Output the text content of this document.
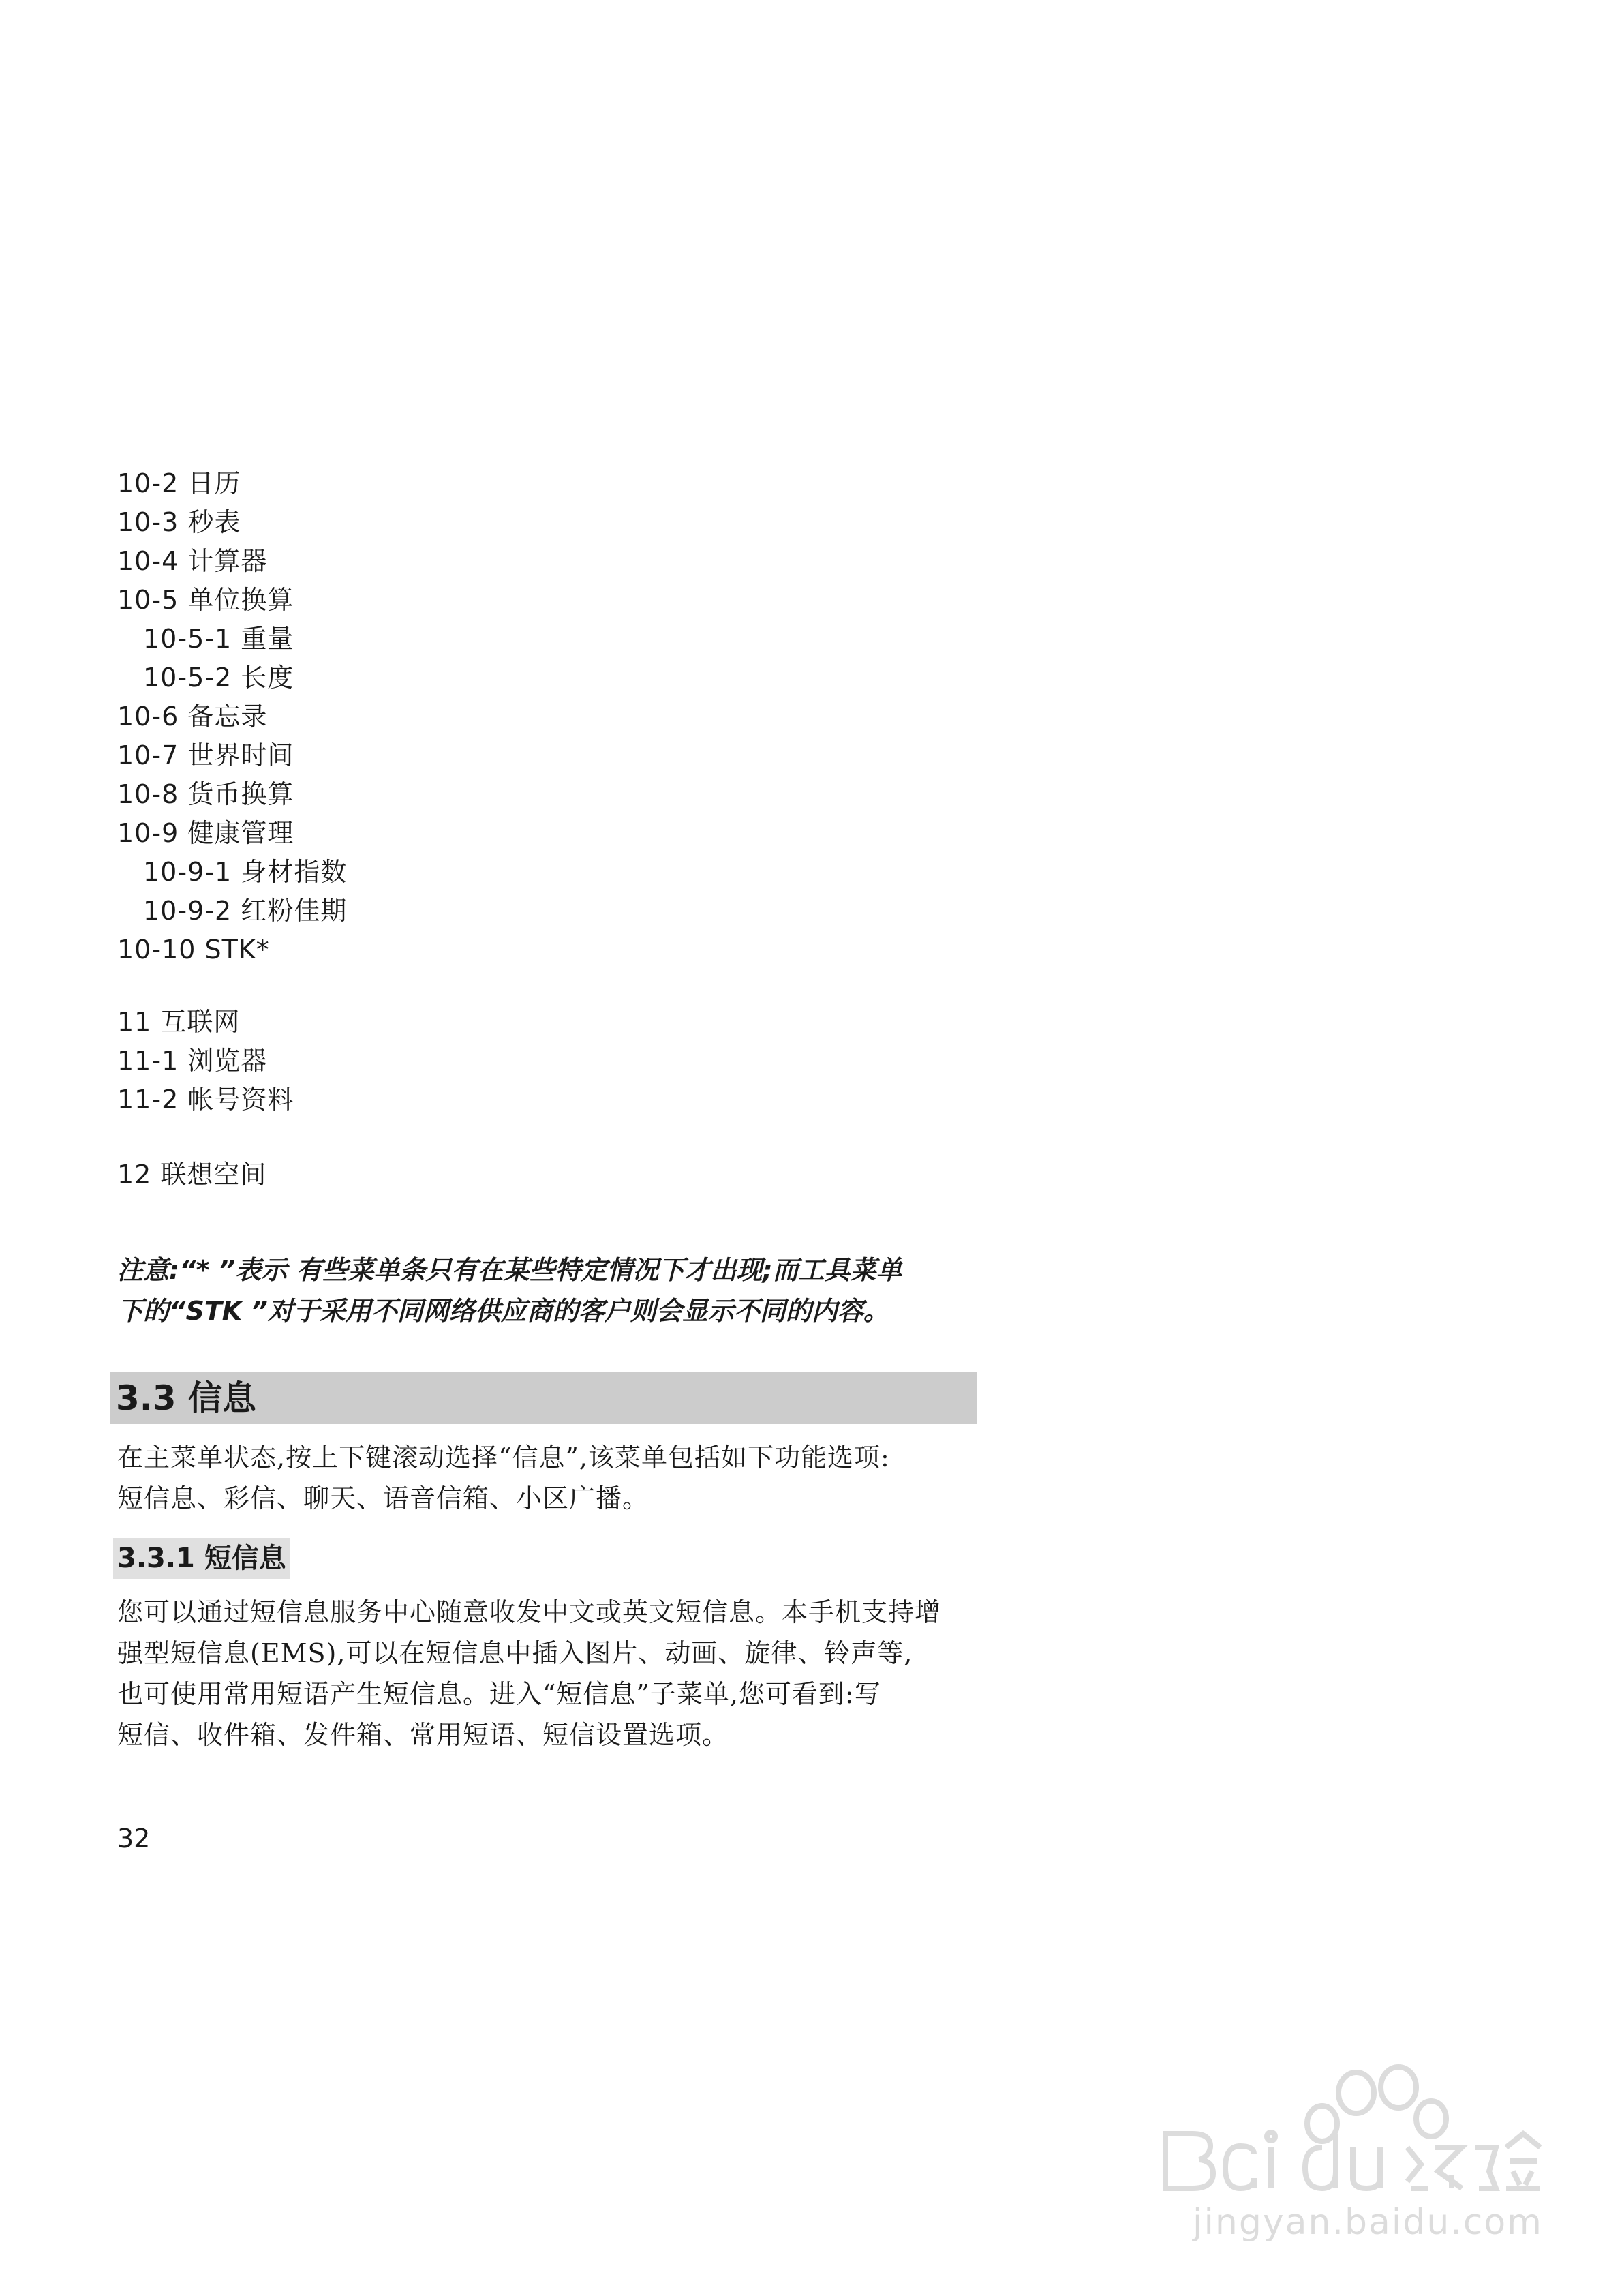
10-2 日历
10-3 秒表
10-4 计算器
10-5 单位换算
10-5-1 重量
10-5-2 长度
10-6 备忘录
10-7 世界时间
10-8 货币换算
10-9 健康管理
10-9-1 身材指数
10-9-2 红粉佳期
10-10 STK*
11 互联网
11-1 浏览器
11-2 帐号资料
12 联想空间
注意:“* ”表示 有些菜单条只有在某些特定情况下才出现;而工具菜单
下的“STK ”对于采用不同网络供应商的客户则会显示不同的内容。
3.3 信息
在主菜单状态,按上下键滚动选择“信息”,该菜单包括如下功能选项:
短信息、彩信、聊天、语音信箱、小区广播。
3.3.1 短信息
您可以通过短信息服务中心随意收发中文或英文短信息。本手机支持增
强型短信息(EMS),可以在短信息中插入图片、动画、旋律、铃声等,
也可使用常用短语产生短信息。进入“短信息”子菜单,您可看到:写
短信、收件箱、发件箱、常用短语、短信设置选项。
32
jingyan.baidu.com
